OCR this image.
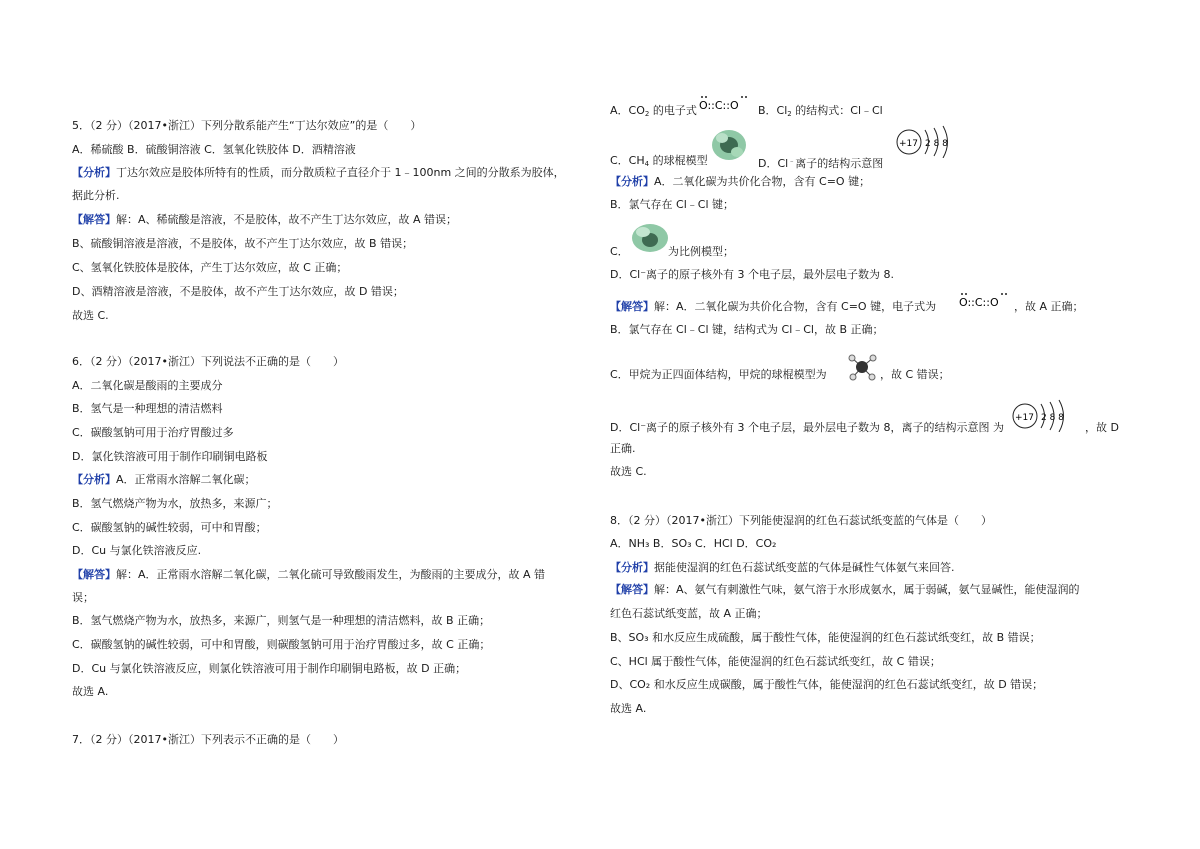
5．（2 分）（2017•浙江）下列分散系能产生“丁达尔效应”的是（　　）
A．稀硫酸 B．硫酸铜溶液 C．氢氧化铁胶体 D．酒精溶液
【分析】丁达尔效应是胶体所特有的性质，而分散质粒子直径介于 1﹣100nm 之间的分散系为胶体，
据此分析.
【解答】解：A、稀硫酸是溶液，不是胶体，故不产生丁达尔效应，故 A 错误；
B、硫酸铜溶液是溶液，不是胶体，故不产生丁达尔效应，故 B 错误；
C、氢氧化铁胶体是胶体，产生丁达尔效应，故 C 正确；
D、酒精溶液是溶液，不是胶体，故不产生丁达尔效应，故 D 错误；
故选 C.
6．（2 分）（2017•浙江）下列说法不正确的是（　　）
A．二氧化碳是酸雨的主要成分
B．氢气是一种理想的清洁燃料
C．碳酸氢钠可用于治疗胃酸过多
D．氯化铁溶液可用于制作印刷铜电路板
【分析】A．正常雨水溶解二氧化碳；
B．氢气燃烧产物为水，放热多，来源广；
C．碳酸氢钠的碱性较弱，可中和胃酸；
D．Cu 与氯化铁溶液反应.
【解答】解：A．正常雨水溶解二氧化碳，二氧化硫可导致酸雨发生，为酸雨的主要成分，故 A 错
误；
B．氢气燃烧产物为水，放热多，来源广，则氢气是一种理想的清洁燃料，故 B 正确；
C．碳酸氢钠的碱性较弱，可中和胃酸，则碳酸氢钠可用于治疗胃酸过多，故 C 正确；
D．Cu 与氯化铁溶液反应，则氯化铁溶液可用于制作印刷铜电路板，故 D 正确；
故选 A.
7．（2 分）（2017•浙江）下列表示不正确的是（　　）
A．$CO_2$ 的电子式 O::C::O B．$Cl_2$ 的结构式：Cl﹣Cl
+17 2 8 8
C．$CH_4$ 的球棍模型	D．Cl﹣离子的结构示意图
【分析】A．二氧化碳为共价化合物，含有 C=O 键；
B．氯气存在 Cl﹣Cl 键；
C．	为比例模型；
D．Cl⁻离子的原子核外有 3 个电子层，最外层电子数为 8.
【解答】解：A．二氧化碳为共价化合物，含有 C=O 键，电子式为 O::C::O ，故 A 正确；
B．氯气存在 Cl﹣Cl 键，结构式为 Cl﹣Cl，故 B 正确；
C．甲烷为正四面体结构，甲烷的球棍模型为	，故 C 错误；
D．Cl⁻离子的原子核外有 3 个电子层，最外层电子数为 8，离子的结构示意图 为
+17 2 8 8
，故 D
正确.
故选 C.
8．（2 分）（2017•浙江）下列能使湿润的红色石蕊试纸变蓝的气体是（　　）
A．NH₃ B．SO₃ C．HCl D．CO₂
【分析】据能使湿润的红色石蕊试纸变蓝的气体是碱性气体氨气来回答.
【解答】解：A、氨气有刺激性气味，氨气溶于水形成氨水，属于弱碱，氨气显碱性，能使湿润的
红色石蕊试纸变蓝，故 A 正确；
B、SO₃ 和水反应生成硫酸，属于酸性气体，能使湿润的红色石蕊试纸变红，故 B 错误；
C、HCl 属于酸性气体，能使湿润的红色石蕊试纸变红，故 C 错误；
D、CO₂ 和水反应生成碳酸，属于酸性气体，能使湿润的红色石蕊试纸变红，故 D 错误；
故选 A.
